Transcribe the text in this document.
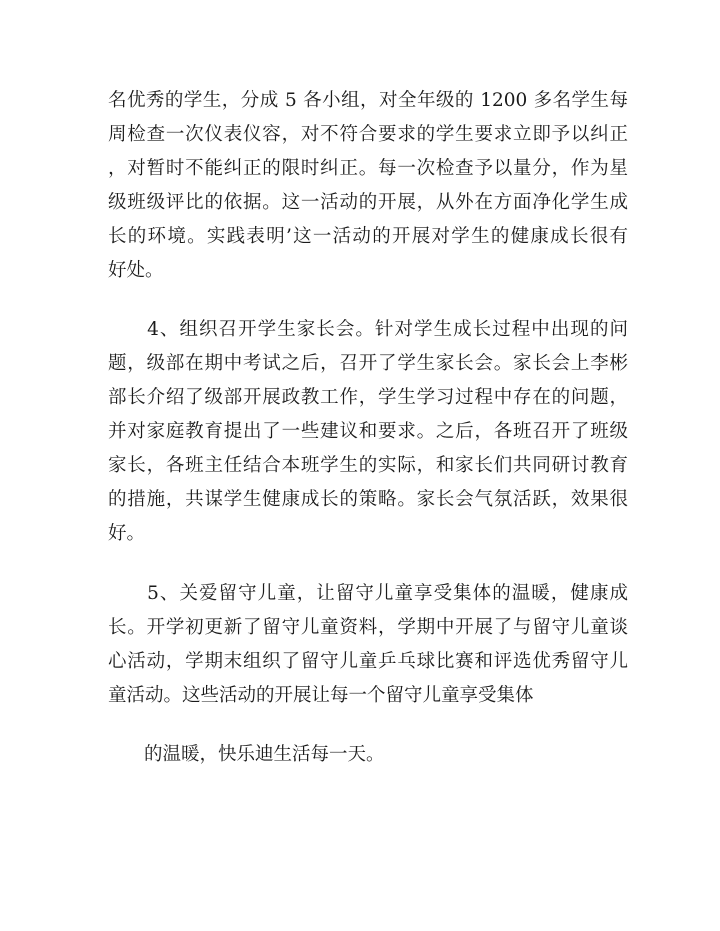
名优秀的学生，分成 5 各小组，对全年级的 1200 多名学生每
周检查一次仪表仪容，对不符合要求的学生要求立即予以纠正
，对暂时不能纠正的限时纠正。每一次检查予以量分，作为星
级班级评比的依据。这一活动的开展，从外在方面净化学生成
长的环境。实践表明’这一活动的开展对学生的健康成长很有
好处。
　　4、组织召开学生家长会。针对学生成长过程中出现的问
题，级部在期中考试之后，召开了学生家长会。家长会上李彬
部长介绍了级部开展政教工作，学生学习过程中存在的问题，
并对家庭教育提出了一些建议和要求。之后，各班召开了班级
家长，各班主任结合本班学生的实际，和家长们共同研讨教育
的措施，共谋学生健康成长的策略。家长会气氛活跃，效果很
好。
　　5、关爱留守儿童，让留守儿童享受集体的温暖，健康成
长。开学初更新了留守儿童资料，学期中开展了与留守儿童谈
心活动，学期末组织了留守儿童乒乓球比赛和评选优秀留守儿
童活动。这些活动的开展让每一个留守儿童享受集体
的温暖，快乐迪生活每一天。
